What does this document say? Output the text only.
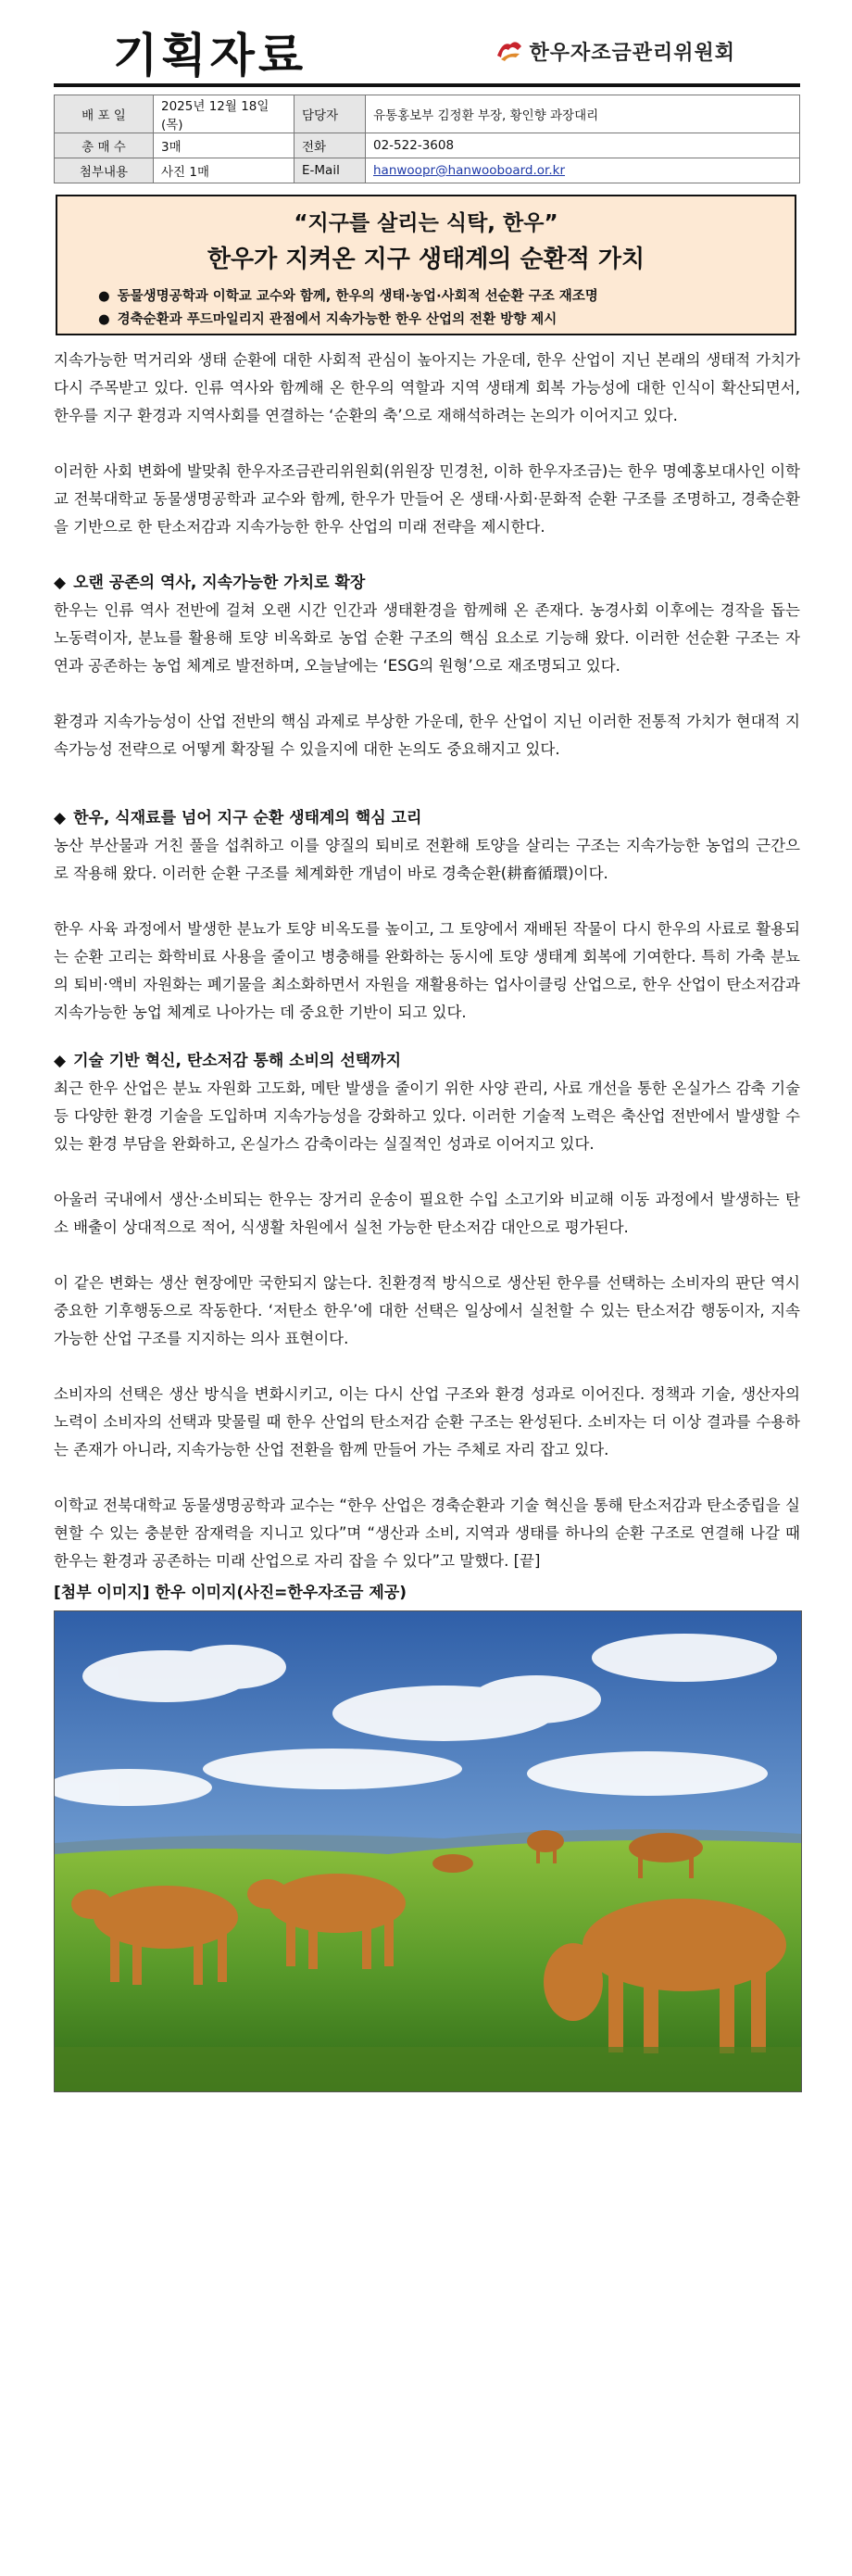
기획자료	한우자조금관리위원회
배 포 일	2025년 12월 18일(목)	담당자	유통홍보부 김정환 부장, 황인향 과장대리
총 매 수	3매	전화	02-522-3608
첨부내용	사진 1매	E-Mail	hanwoopr@hanwooboard.or.kr
“지구를 살리는 식탁, 한우”
한우가 지켜온 지구 생태계의 순환적 가치
● 동물생명공학과 이학교 교수와 함께, 한우의 생태·농업·사회적 선순환 구조 재조명
● 경축순환과 푸드마일리지 관점에서 지속가능한 한우 산업의 전환 방향 제시

지속가능한 먹거리와 생태 순환에 대한 사회적 관심이 높아지는 가운데, 한우 산업이 지닌 본래의 생태적 가치가 다시 주목받고 있다. 인류 역사와 함께해 온 한우의 역할과 지역 생태계 회복 가능성에 대한 인식이 확산되면서, 한우를 지구 환경과 지역사회를 연결하는 ‘순환의 축’으로 재해석하려는 논의가 이어지고 있다.

이러한 사회 변화에 발맞춰 한우자조금관리위원회(위원장 민경천, 이하 한우자조금)는 한우 명예홍보대사인 이학교 전북대학교 동물생명공학과 교수와 함께, 한우가 만들어 온 생태·사회·문화적 순환 구조를 조명하고, 경축순환을 기반으로 한 탄소저감과 지속가능한 한우 산업의 미래 전략을 제시한다.

◆ 오랜 공존의 역사, 지속가능한 가치로 확장

한우는 인류 역사 전반에 걸쳐 오랜 시간 인간과 생태환경을 함께해 온 존재다. 농경사회 이후에는 경작을 돕는 노동력이자, 분뇨를 활용해 토양 비옥화로 농업 순환 구조의 핵심 요소로 기능해 왔다. 이러한 선순환 구조는 자연과 공존하는 농업 체계로 발전하며, 오늘날에는 ‘ESG의 원형’으로 재조명되고 있다.

환경과 지속가능성이 산업 전반의 핵심 과제로 부상한 가운데, 한우 산업이 지닌 이러한 전통적 가치가 현대적 지속가능성 전략으로 어떻게 확장될 수 있을지에 대한 논의도 중요해지고 있다.

◆ 한우, 식재료를 넘어 지구 순환 생태계의 핵심 고리

농산 부산물과 거친 풀을 섭취하고 이를 양질의 퇴비로 전환해 토양을 살리는 구조는 지속가능한 농업의 근간으로 작용해 왔다. 이러한 순환 구조를 체계화한 개념이 바로 경축순환(耕畜循環)이다.

한우 사육 과정에서 발생한 분뇨가 토양 비옥도를 높이고, 그 토양에서 재배된 작물이 다시 한우의 사료로 활용되는 순환 고리는 화학비료 사용을 줄이고 병충해를 완화하는 동시에 토양 생태계 회복에 기여한다. 특히 가축 분뇨의 퇴비·액비 자원화는 폐기물을 최소화하면서 자원을 재활용하는 업사이클링 산업으로, 한우 산업이 탄소저감과 지속가능한 농업 체계로 나아가는 데 중요한 기반이 되고 있다.

◆ 기술 기반 혁신, 탄소저감 통해 소비의 선택까지

최근 한우 산업은 분뇨 자원화 고도화, 메탄 발생을 줄이기 위한 사양 관리, 사료 개선을 통한 온실가스 감축 기술 등 다양한 환경 기술을 도입하며 지속가능성을 강화하고 있다. 이러한 기술적 노력은 축산업 전반에서 발생할 수 있는 환경 부담을 완화하고, 온실가스 감축이라는 실질적인 성과로 이어지고 있다.

아울러 국내에서 생산·소비되는 한우는 장거리 운송이 필요한 수입 소고기와 비교해 이동 과정에서 발생하는 탄소 배출이 상대적으로 적어, 식생활 차원에서 실천 가능한 탄소저감 대안으로 평가된다.

이 같은 변화는 생산 현장에만 국한되지 않는다. 친환경적 방식으로 생산된 한우를 선택하는 소비자의 판단 역시 중요한 기후행동으로 작동한다. ‘저탄소 한우’에 대한 선택은 일상에서 실천할 수 있는 탄소저감 행동이자, 지속가능한 산업 구조를 지지하는 의사 표현이다.

소비자의 선택은 생산 방식을 변화시키고, 이는 다시 산업 구조와 환경 성과로 이어진다. 정책과 기술, 생산자의 노력이 소비자의 선택과 맞물릴 때 한우 산업의 탄소저감 순환 구조는 완성된다. 소비자는 더 이상 결과를 수용하는 존재가 아니라, 지속가능한 산업 전환을 함께 만들어 가는 주체로 자리 잡고 있다.

이학교 전북대학교 동물생명공학과 교수는 “한우 산업은 경축순환과 기술 혁신을 통해 탄소저감과 탄소중립을 실현할 수 있는 충분한 잠재력을 지니고 있다”며 “생산과 소비, 지역과 생태를 하나의 순환 구조로 연결해 나갈 때 한우는 환경과 공존하는 미래 산업으로 자리 잡을 수 있다”고 말했다. [끝]

[첨부 이미지] 한우 이미지(사진=한우자조금 제공)
